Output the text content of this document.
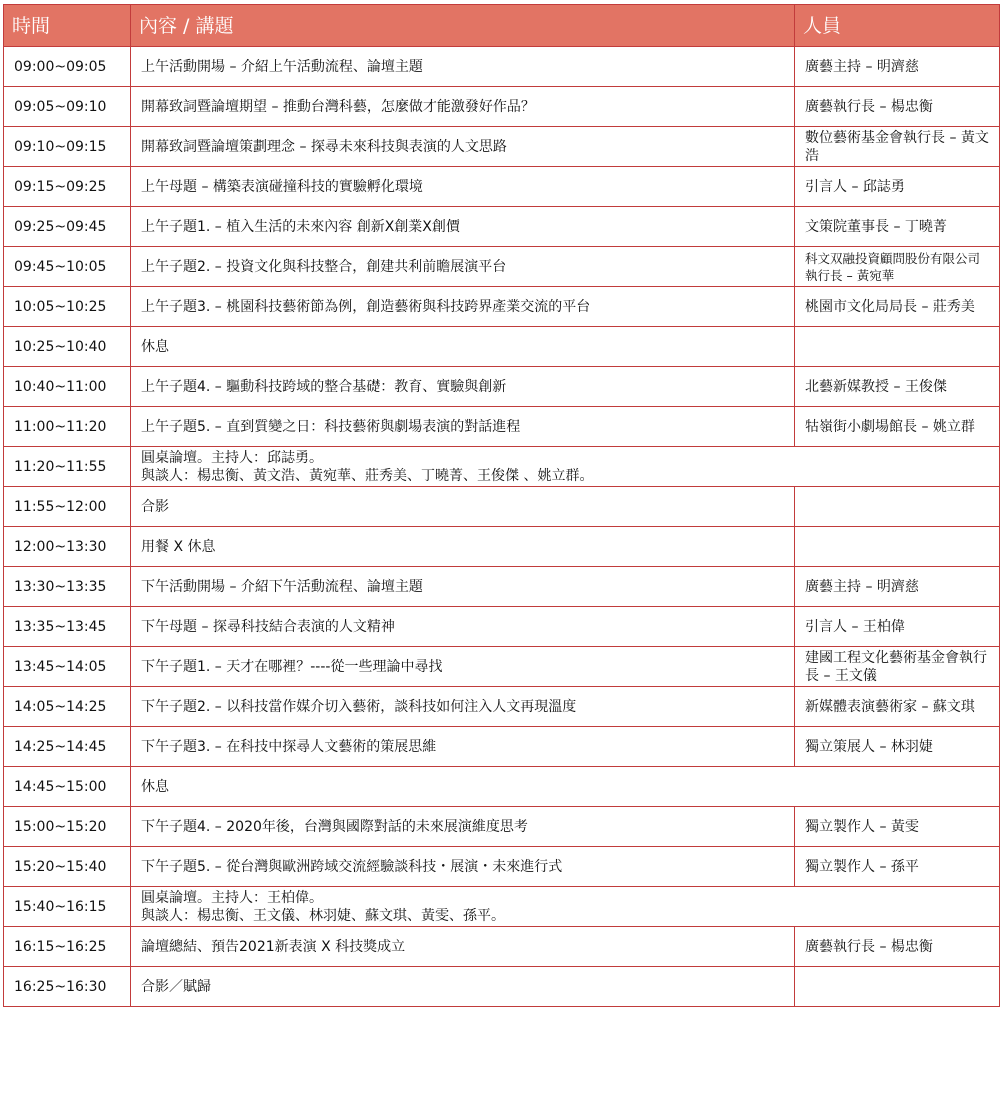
時間	內容 / 講題	人員
09:00~09:05	上午活動開場 – 介紹上午活動流程、論壇主題	廣藝主持 – 明濟慈
09:05~09:10	開幕致詞暨論壇期望 – 推動台灣科藝，怎麼做才能激發好作品？	廣藝執行長 – 楊忠衡
09:10~09:15	開幕致詞暨論壇策劃理念 – 探尋未來科技與表演的人文思路	數位藝術基金會執行長 – 黃文浩
09:15~09:25	上午母題 – 構築表演碰撞科技的實驗孵化環境	引言人 – 邱誌勇
09:25~09:45	上午子題1. – 植入生活的未來內容 創新X創業X創價	文策院董事長 – 丁曉菁
09:45~10:05	上午子題2. – 投資文化與科技整合，創建共利前瞻展演平台	科文双融投資顧問股份有限公司執行長 – 黃宛華
10:05~10:25	上午子題3. – 桃園科技藝術節為例，創造藝術與科技跨界產業交流的平台	桃園市文化局局長 – 莊秀美
10:25~10:40	休息	
10:40~11:00	上午子題4. – 驅動科技跨域的整合基礎：教育、實驗與創新	北藝新媒教授 – 王俊傑
11:00~11:20	上午子題5. – 直到質變之日：科技藝術與劇場表演的對話進程	牯嶺街小劇場館長 – 姚立群
11:20~11:55	圓桌論壇。主持人：邱誌勇。
與談人：楊忠衡、黃文浩、黃宛華、莊秀美、丁曉菁、王俊傑 、姚立群。	

11:55~12:00	合影	
12:00~13:30	用餐 X 休息	
13:30~13:35	下午活動開場 – 介紹下午活動流程、論壇主題	廣藝主持 – 明濟慈
13:35~13:45	下午母題 – 探尋科技結合表演的人文精神	引言人 – 王柏偉
13:45~14:05	下午子題1. – 天才在哪裡？----從一些理論中尋找	建國工程文化藝術基金會執行長 – 王文儀
14:05~14:25	下午子題2. – 以科技當作媒介切入藝術，談科技如何注入人文再現溫度	新媒體表演藝術家 – 蘇文琪
14:25~14:45	下午子題3. – 在科技中探尋人文藝術的策展思維	獨立策展人 – 林羽婕
14:45~15:00	休息	
15:00~15:20	下午子題4. – 2020年後，台灣與國際對話的未來展演維度思考	獨立製作人 – 黃雯
15:20~15:40	下午子題5. – 從台灣與歐洲跨域交流經驗談科技・展演・未來進行式	獨立製作人 – 孫平
15:40~16:15	圓桌論壇。主持人：王柏偉。
與談人：楊忠衡、王文儀、林羽婕、蘇文琪、黃雯、孫平。	

16:15~16:25	論壇總結、預告2021新表演 X 科技獎成立	廣藝執行長 – 楊忠衡
16:25~16:30	合影／賦歸	
